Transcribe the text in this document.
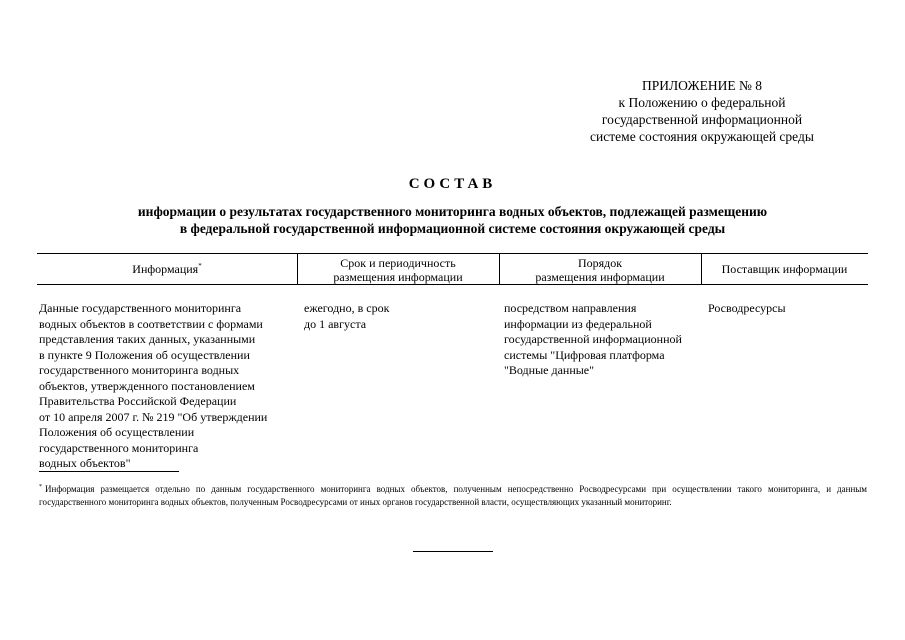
ПРИЛОЖЕНИЕ № 8
к Положению о федеральной
государственной информационной
системе состояния окружающей среды
СОСТАВ
информации о результатах государственного мониторинга водных объектов, подлежащей размещению
в федеральной государственной информационной системе состояния окружающей среды
Информация*	Срок и периодичность
размещения информации
Порядок
размещения информации
Поставщик информации
Данные государственного мониторинга
водных объектов в соответствии с формами
представления таких данных, указанными
в пункте 9 Положения об осуществлении
государственного мониторинга водных
объектов, утвержденного постановлением
Правительства Российской Федерации
от 10 апреля 2007 г. № 219 "Об утверждении
Положения об осуществлении
государственного мониторинга
водных объектов"
ежегодно, в срок
до 1 августа
посредством направления
информации из федеральной
государственной информационной
системы "Цифровая платформа
"Водные данные"
Росводресурсы
* Информация размещается отдельно по данным государственного мониторинга водных объектов, полученным непосредственно Росводресурсами при осуществлении такого мониторинга, и данным государственного мониторинга водных объектов, полученным Росводресурсами от иных органов государственной власти, осуществляющих указанный мониторинг.
